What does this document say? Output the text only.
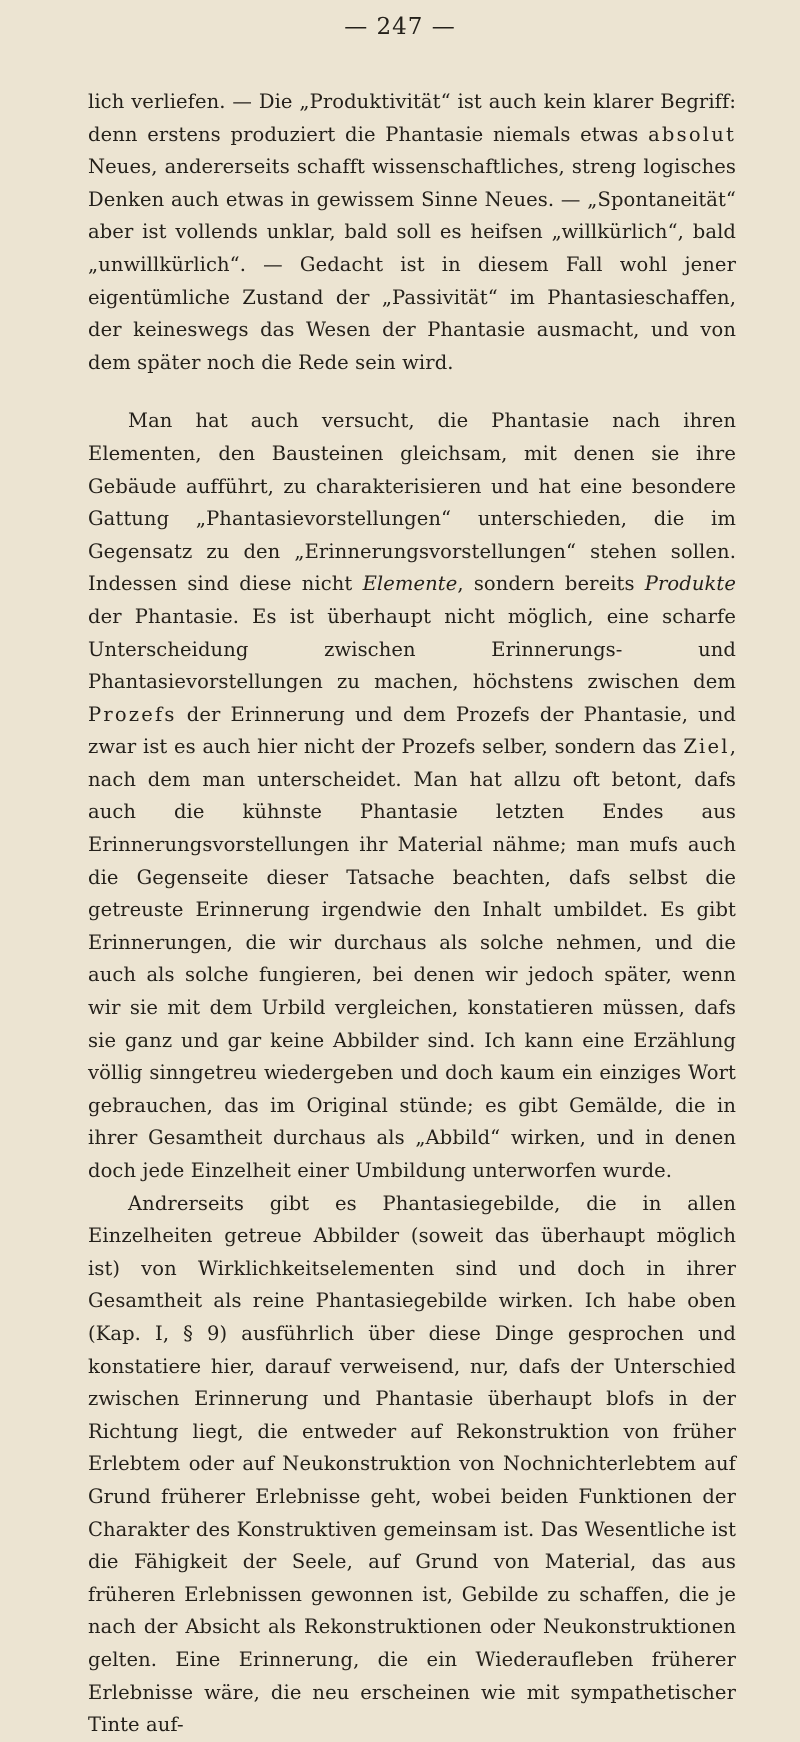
— 247 —

lich verliefen. — Die „Produktivität“ ist auch kein klarer Begriff: denn erstens produziert die Phantasie niemals etwas absolut Neues, andererseits schafft wissenschaftliches, streng logisches Denken auch etwas in gewissem Sinne Neues. — „Spontaneität“ aber ist vollends unklar, bald soll es heifsen „willkürlich“, bald „unwillkürlich“. — Gedacht ist in diesem Fall wohl jener eigentümliche Zustand der „Passivität“ im Phantasieschaffen, der keineswegs das Wesen der Phantasie ausmacht, und von dem später noch die Rede sein wird.

Man hat auch versucht, die Phantasie nach ihren Elementen, den Bausteinen gleichsam, mit denen sie ihre Gebäude aufführt, zu charakterisieren und hat eine besondere Gattung „Phantasievorstellungen“ unterschieden, die im Gegensatz zu den „Erinnerungsvorstellungen“ stehen sollen. Indessen sind diese nicht Elemente, sondern bereits Produkte der Phantasie. Es ist überhaupt nicht möglich, eine scharfe Unterscheidung zwischen Erinnerungs- und Phantasievorstellungen zu machen, höchstens zwischen dem Prozefs der Erinnerung und dem Prozefs der Phantasie, und zwar ist es auch hier nicht der Prozefs selber, sondern das Ziel, nach dem man unterscheidet. Man hat allzu oft betont, dafs auch die kühnste Phantasie letzten Endes aus Erinnerungsvorstellungen ihr Material nähme; man mufs auch die Gegenseite dieser Tatsache beachten, dafs selbst die getreuste Erinnerung irgendwie den Inhalt umbildet. Es gibt Erinnerungen, die wir durchaus als solche nehmen, und die auch als solche fungieren, bei denen wir jedoch später, wenn wir sie mit dem Urbild vergleichen, konstatieren müssen, dafs sie ganz und gar keine Abbilder sind. Ich kann eine Erzählung völlig sinngetreu wiedergeben und doch kaum ein einziges Wort gebrauchen, das im Original stünde; es gibt Gemälde, die in ihrer Gesamtheit durchaus als „Abbild“ wirken, und in denen doch jede Einzelheit einer Umbildung unterworfen wurde.

Andrerseits gibt es Phantasiegebilde, die in allen Einzelheiten getreue Abbilder (soweit das überhaupt möglich ist) von Wirklichkeitselementen sind und doch in ihrer Gesamtheit als reine Phantasiegebilde wirken. Ich habe oben (Kap. I, § 9) ausführlich über diese Dinge gesprochen und konstatiere hier, darauf verweisend, nur, dafs der Unterschied zwischen Erinnerung und Phantasie überhaupt blofs in der Richtung liegt, die entweder auf Rekonstruktion von früher Erlebtem oder auf Neukonstruktion von Nochnichterlebtem auf Grund früherer Erlebnisse geht, wobei beiden Funktionen der Charakter des Konstruktiven gemeinsam ist. Das Wesentliche ist die Fähigkeit der Seele, auf Grund von Material, das aus früheren Erlebnissen gewonnen ist, Gebilde zu schaffen, die je nach der Absicht als Rekonstruktionen oder Neukonstruktionen gelten. Eine Erinnerung, die ein Wiederaufleben früherer Erlebnisse wäre, die neu erscheinen wie mit sympathetischer Tinte auf-
